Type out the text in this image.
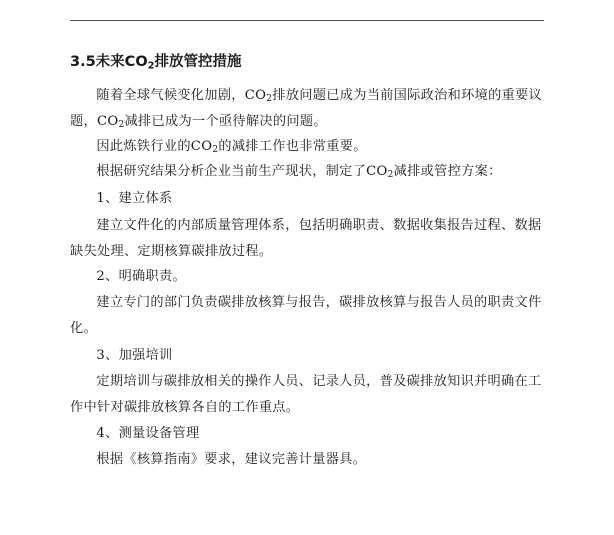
3.5未来$CO_2$排放管控措施
随着全球气候变化加剧，$CO_2$排放问题已成为当前国际政治和环境的重要议题，$CO_2$减排已成为一个亟待解决的问题。
因此炼铁行业的$CO_2$的减排工作也非常重要。
根据研究结果分析企业当前生产现状，制定了$CO_2$减排或管控方案：
1、建立体系
建立文件化的内部质量管理体系，包括明确职责、数据收集报告过程、数据缺失处理、定期核算碳排放过程。
2、明确职责。
建立专门的部门负责碳排放核算与报告，碳排放核算与报告人员的职责文件化。
3、加强培训
定期培训与碳排放相关的操作人员、记录人员，普及碳排放知识并明确在工作中针对碳排放核算各自的工作重点。
4、测量设备管理
根据《核算指南》要求，建议完善计量器具。
